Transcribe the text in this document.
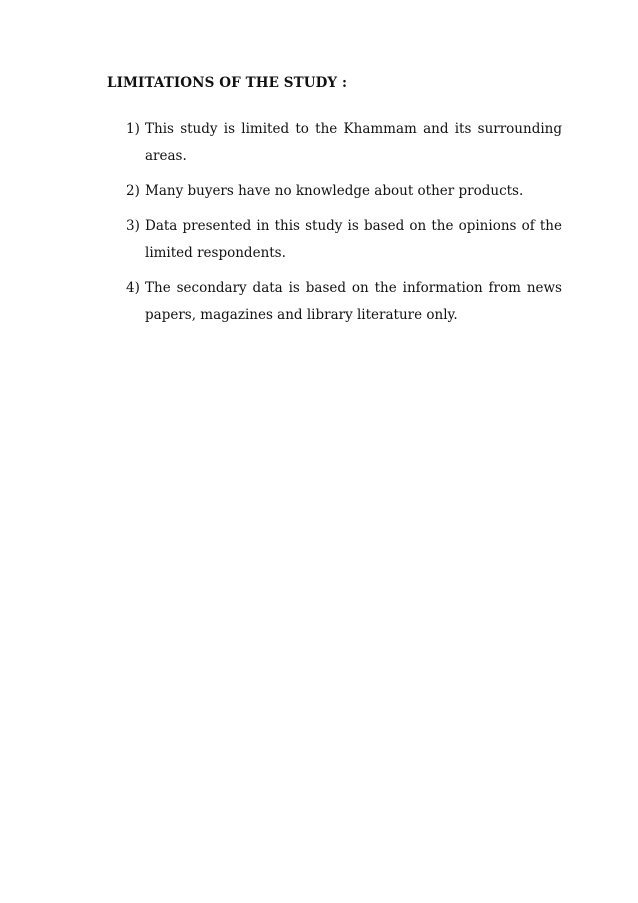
LIMITATIONS OF THE STUDY :
1) This study is limited to the Khammam and its surrounding areas.
2) Many buyers have no knowledge about other products.
3) Data presented in this study is based on the opinions of the limited respondents.
4) The secondary data is based on the information from news papers, magazines and library literature only.
